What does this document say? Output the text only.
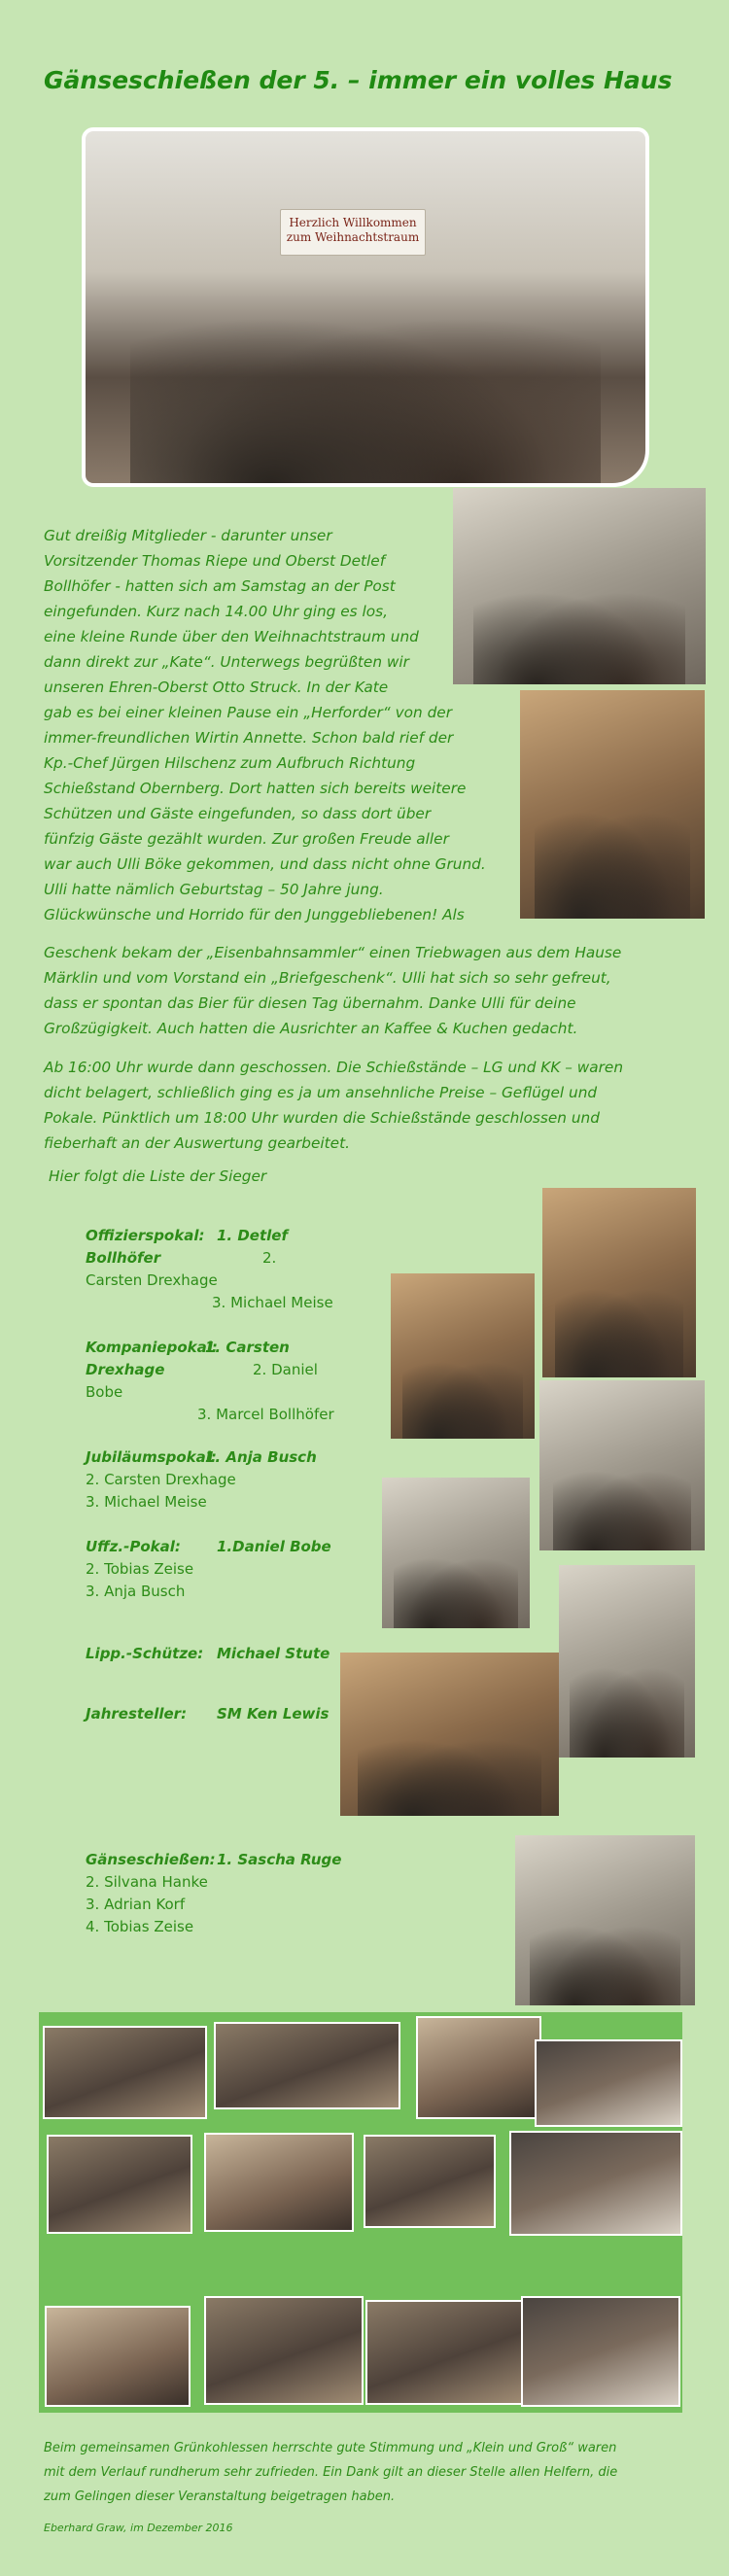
Gänseschießen der 5. – immer ein volles Haus
Herzlich Willkommen zum Weihnachtstraum

Gut dreißig Mitglieder - darunter unser

Vorsitzender Thomas Riepe und Oberst Detlef

Bollhöfer - hatten sich am Samstag an der Post

eingefunden. Kurz nach 14.00 Uhr ging es los,

eine kleine Runde über den Weihnachtstraum und

dann direkt zur „Kate“. Unterwegs begrüßten wir

unseren Ehren-Oberst Otto Struck. In der Kate

gab es bei einer kleinen Pause ein „Herforder“ von der

immer-freundlichen Wirtin Annette. Schon bald rief der

Kp.-Chef Jürgen Hilschenz zum Aufbruch Richtung

Schießstand Obernberg. Dort hatten sich bereits weitere

Schützen und Gäste eingefunden, so dass dort über

fünfzig Gäste gezählt wurden. Zur großen Freude aller

war auch Ulli Böke gekommen, und dass nicht ohne Grund.

Ulli hatte nämlich Geburtstag – 50 Jahre jung.

Glückwünsche und Horrido für den Junggebliebenen! Als

Geschenk bekam der „Eisenbahnsammler“ einen Triebwagen aus dem Hause

Märklin und vom Vorstand ein „Briefgeschenk“. Ulli hat sich so sehr gefreut,

dass er spontan das Bier für diesen Tag übernahm. Danke Ulli für deine

Großzügigkeit. Auch hatten die Ausrichter an Kaffee & Kuchen gedacht.

Ab 16:00 Uhr wurde dann geschossen. Die Schießstände – LG und KK – waren

dicht belagert, schließlich ging es ja um ansehnliche Preise – Geflügel und

Pokale. Pünktlich um 18:00 Uhr wurden die Schießstände geschlossen und

fieberhaft an der Auswertung gearbeitet.

Hier folgt die Liste der Sieger
Offizierspokal: 1. Detlef
Bollhöfer	2.
Carsten Drexhage
3. Michael Meise
Kompaniepokal:1. Carsten
Drexhage	2. Daniel
Bobe
3. Marcel Bollhöfer
Jubiläumspokal:1. Anja Busch
2. Carsten Drexhage
3. Michael Meise
Uffz.-Pokal: 1.Daniel Bobe
2. Tobias Zeise
3. Anja Busch
Lipp.-Schütze: Michael Stute
Jahresteller: SM Ken Lewis
Gänseschießen:1. Sascha Ruge
2. Silvana Hanke
3. Adrian Korf
4. Tobias Zeise
Beim gemeinsamen Grünkohlessen herrschte gute Stimmung und „Klein und Groß“ waren
mit dem Verlauf rundherum sehr zufrieden. Ein Dank gilt an dieser Stelle allen Helfern, die
zum Gelingen dieser Veranstaltung beigetragen haben.
Eberhard Graw, im Dezember 2016
